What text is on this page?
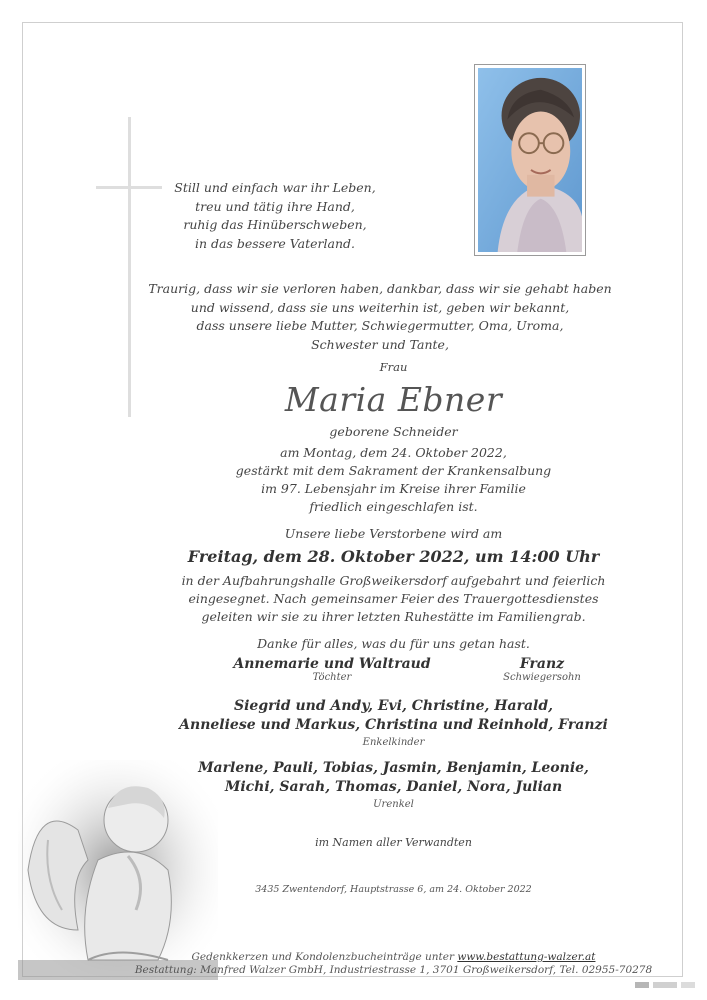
Still und einfach war ihr Leben,
treu und tätig ihre Hand,
ruhig das Hinüberschweben,
in das bessere Vaterland.
Traurig, dass wir sie verloren haben, dankbar, dass wir sie gehabt haben
und wissend, dass sie uns weiterhin ist, geben wir bekannt,
dass unsere liebe Mutter, Schwiegermutter, Oma, Uroma,
Schwester und Tante,
Frau
Maria Ebner
geborene Schneider
am Montag, dem 24. Oktober 2022,
gestärkt mit dem Sakrament der Krankensalbung
im 97. Lebensjahr im Kreise ihrer Familie
friedlich eingeschlafen ist.
Unsere liebe Verstorbene wird am
Freitag, dem 28. Oktober 2022, um 14:00 Uhr
in der Aufbahrungshalle Großweikersdorf aufgebahrt und feierlich
eingesegnet. Nach gemeinsamer Feier des Trauergottesdienstes
geleiten wir sie zu ihrer letzten Ruhestätte im Familiengrab.
Danke für alles, was du für uns getan hast.
Annemarie und Waltraud
Töchter
Franz
Schwiegersohn
Siegrid und Andy, Evi, Christine, Harald,
Anneliese und Markus, Christina und Reinhold, Franzi
Enkelkinder
Marlene, Pauli, Tobias, Jasmin, Benjamin, Leonie,
Michi, Sarah, Thomas, Daniel, Nora, Julian
Urenkel
im Namen aller Verwandten
3435 Zwentendorf, Hauptstrasse 6, am 24. Oktober 2022
Gedenkkerzen und Kondolenzbucheinträge unter www.bestattung-walzer.at
Bestattung: Manfred Walzer GmbH, Industriestrasse 1, 3701 Großweikersdorf, Tel. 02955-70278
